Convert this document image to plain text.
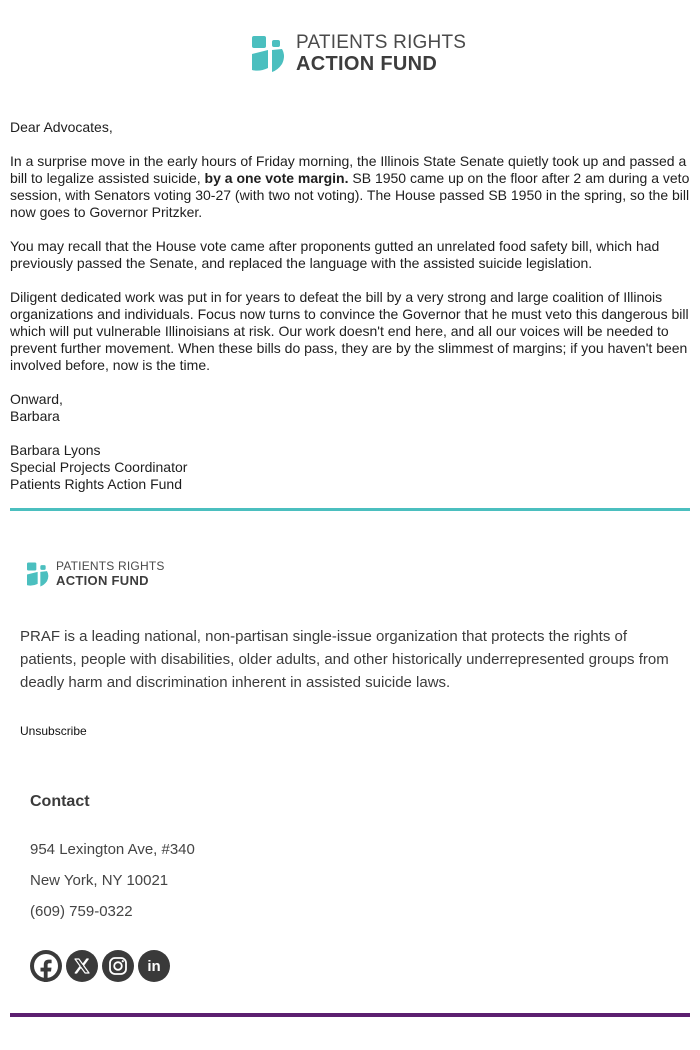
PATIENTS RIGHTS
ACTION FUND

Dear Advocates,

In a surprise move in the early hours of Friday morning, the Illinois State Senate quietly took up and passed a bill to legalize assisted suicide, by a one vote margin. SB 1950 came up on the floor after 2 am during a veto session, with Senators voting 30-27 (with two not voting). The House passed SB 1950 in the spring, so the bill now goes to Governor Pritzker.

You may recall that the House vote came after proponents gutted an unrelated food safety bill, which had previously passed the Senate, and replaced the language with the assisted suicide legislation.

Diligent dedicated work was put in for years to defeat the bill by a very strong and large coalition of Illinois organizations and individuals. Focus now turns to convince the Governor that he must veto this dangerous bill which will put vulnerable Illinoisians at risk. Our work doesn't end here, and all our voices will be needed to prevent further movement. When these bills do pass, they are by the slimmest of margins; if you haven't been involved before, now is the time.

Onward,

Barbara

Barbara Lyons

Special Projects Coordinator

Patients Rights Action Fund

PATIENTS RIGHTS
ACTION FUND

PRAF is a leading national, non-partisan single-issue organization that protects the rights of patients, people with disabilities, older adults, and other historically underrepresented groups from deadly harm and discrimination inherent in assisted suicide laws.

Unsubscribe

Contact

954 Lexington Ave, #340

New York, NY 10021

(609) 759-0322

in
